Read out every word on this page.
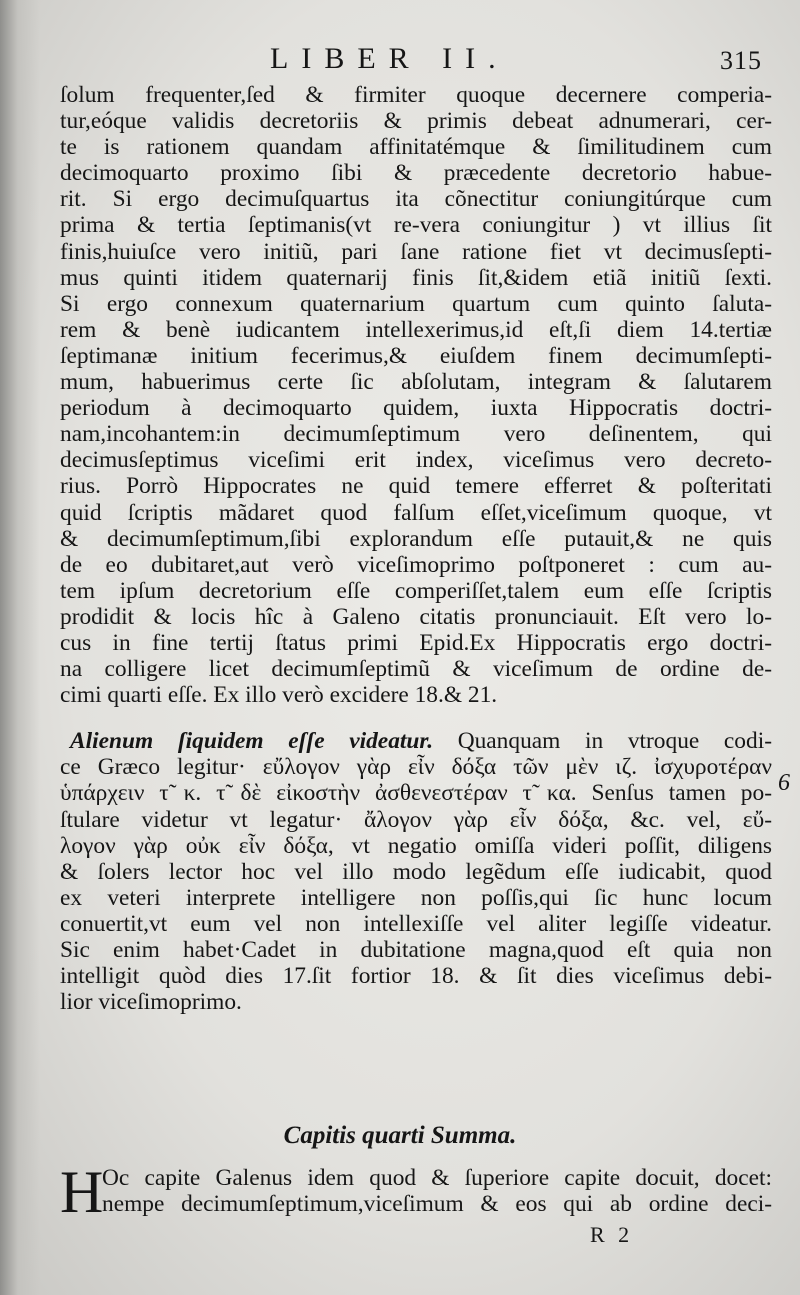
LIBER II.	315

ſolum frequenter,ſed & firmiter quoque decernere comperia-
tur,eóque validis decretoriis & primis debeat adnumerari, cer-
te is rationem quandam affinitatémque & ſimilitudinem cum
decimoquarto proximo ſibi & præcedente decretorio habue-
rit. Si ergo decimuſquartus ita cõnectitur coniungitúrque cum
prima & tertia ſeptimanis(vt re-vera coniungitur ) vt illius ſit
finis,huiuſce vero initiũ, pari ſane ratione fiet vt decimusſepti-
mus quinti itidem quaternarij finis ſit,&idem etiã initiũ ſexti.
Si ergo connexum quaternarium quartum cum quinto ſaluta-
rem & benè iudicantem intellexerimus,id eſt,ſi diem 14.tertiæ
ſeptimanæ initium fecerimus,& eiuſdem finem decimumſepti-
mum, habuerimus certe ſic abſolutam, integram & ſalutarem
periodum à decimoquarto quidem, iuxta Hippocratis doctri-
nam,incohantem:in decimumſeptimum vero deſinentem, qui
decimusſeptimus viceſimi erit index, viceſimus vero decreto-
rius. Porrò Hippocrates ne quid temere efferret & poſteritati
quid ſcriptis mãdaret quod falſum eſſet,viceſimum quoque, vt
& decimumſeptimum,ſibi explorandum eſſe putauit,& ne quis
de eo dubitaret,aut verò viceſimoprimo poſtponeret : cum au-
tem ipſum decretorium eſſe comperiſſet,talem eum eſſe ſcriptis
prodidit & locis hîc à Galeno citatis pronunciauit. Eſt vero lo-
cus in fine tertij ſtatus primi Epid.Ex Hippocratis ergo doctri-
na colligere licet decimumſeptimũ & viceſimum de ordine de-
cimi quarti eſſe. Ex illo verò excidere 18.& 21.

Alienum ſiquidem eſſe videatur. Quanquam in vtroque codi-
ce Græco legitur· εὔλογον γὰρ εἶν δόξα τῶν μὲν ιζ. ἰσχυροτέραν
ὑπάρχειν τ̃ κ. τ̃ δὲ εἰκοστὴν ἀσθενεστέραν τ̃ κα. Senſus tamen po-
ſtulare videtur vt legatur· ἄλογον γὰρ εἶν δόξα, &c. vel, εὔ-
λογον γὰρ οὐκ εἶν δόξα, vt negatio omiſſa videri poſſit, diligens
& ſolers lector hoc vel illo modo legẽdum eſſe iudicabit, quod
ex veteri interprete intelligere non poſſis,qui ſic hunc locum
conuertit,vt eum vel non intellexiſſe vel aliter legiſſe videatur.
Sic enim habet·Cadet in dubitatione magna,quod eſt quia non
intelligit quòd dies 17.ſit fortior 18. & ſit dies viceſimus debi-
lior viceſimoprimo.

6
Capitis quarti Summa.
H
Oc capite Galenus idem quod & ſuperiore capite docuit, docet:
nempe decimumſeptimum,viceſimum & eos qui ab ordine deci-
R 2
